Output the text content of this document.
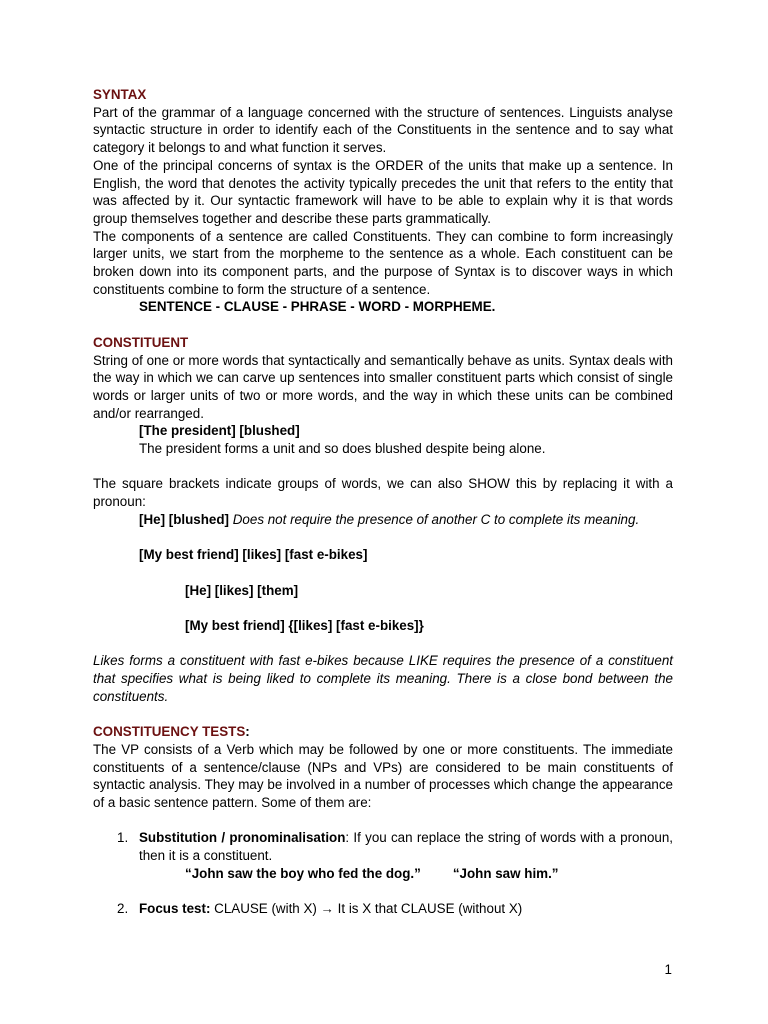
SYNTAX

Part of the grammar of a language concerned with the structure of sentences. Linguists analyse syntactic structure in order to identify each of the Constituents in the sentence and to say what category it belongs to and what function it serves.

One of the principal concerns of syntax is the ORDER of the units that make up a sentence. In English, the word that denotes the activity typically precedes the unit that refers to the entity that was affected by it. Our syntactic framework will have to be able to explain why it is that words group themselves together and describe these parts grammatically.

The components of a sentence are called Constituents. They can combine to form increasingly larger units, we start from the morpheme to the sentence as a whole. Each constituent can be broken down into its component parts, and the purpose of Syntax is to discover ways in which constituents combine to form the structure of a sentence.

SENTENCE - CLAUSE - PHRASE - WORD - MORPHEME.

CONSTITUENT

String of one or more words that syntactically and semantically behave as units. Syntax deals with the way in which we can carve up sentences into smaller constituent parts which consist of single words or larger units of two or more words, and the way in which these units can be combined and/or rearranged.

[The president] [blushed]

The president forms a unit and so does blushed despite being alone.

The square brackets indicate groups of words, we can also SHOW this by replacing it with a pronoun:

[He] [blushed] Does not require the presence of another C to complete its meaning.

[My best friend] [likes] [fast e-bikes]

[He] [likes] [them]

[My best friend] {[likes] [fast e-bikes]}

Likes forms a constituent with fast e-bikes because LIKE requires the presence of a constituent that specifies what is being liked to complete its meaning. There is a close bond between the constituents.

CONSTITUENCY TESTS:

The VP consists of a Verb which may be followed by one or more constituents. The immediate constituents of a sentence/clause (NPs and VPs) are considered to be main constituents of syntactic analysis. They may be involved in a number of processes which change the appearance of a basic sentence pattern. Some of them are:

1. Substitution / pronominalisation: If you can replace the string of words with a pronoun, then it is a constituent.

“John saw the boy who fed the dog.” “John saw him.”

2. Focus test: CLAUSE (with X) → It is X that CLAUSE (without X)

1
